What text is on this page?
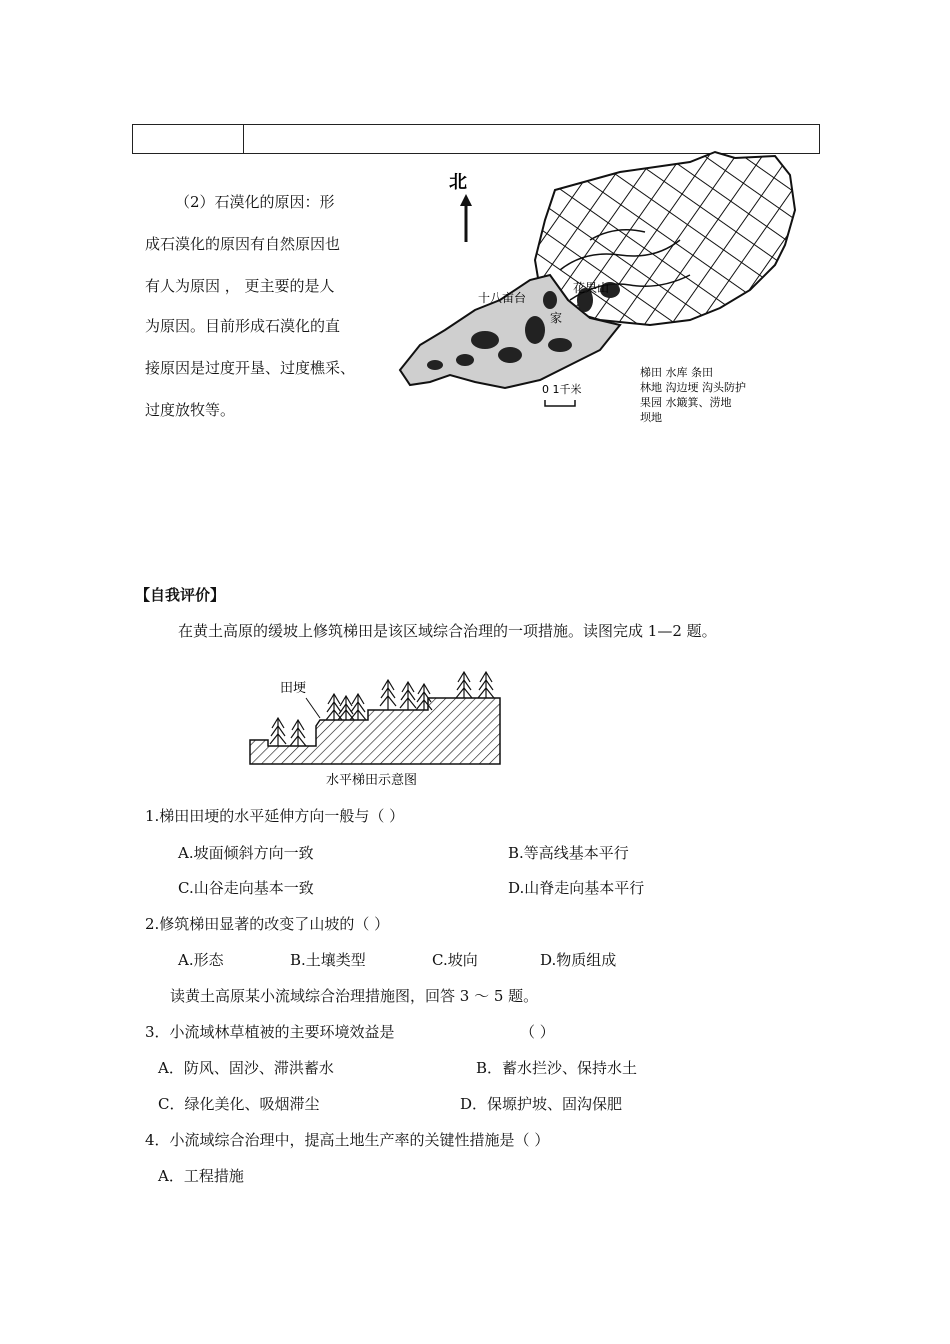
（2）石漠化的原因：形
成石漠化的原因有自然原因也
有人为原因 ， 更主要的是人
为原因。目前形成石漠化的直
接原因是过度开垦、过度樵采、
过度放牧等。
北
十八亩台
花果山
家
0 1千米
梯田 水库 条田
林地 沟边埂 沟头防护
果园 水簸箕、涝地
坝地
【自我评价】
在黄土高原的缓坡上修筑梯田是该区域综合治理的一项措施。读图完成 1—2 题。
田埂
水平梯田示意图
1.梯田田埂的水平延伸方向一般与（ ）
A.坡面倾斜方向一致	B.等高线基本平行
C.山谷走向基本一致	D.山脊走向基本平行
2.修筑梯田显著的改变了山坡的（ ）
A.形态	B.土壤类型	C.坡向	D.物质组成
读黄土高原某小流域综合治理措施图，回答 3 ～ 5 题。
3．小流域林草植被的主要环境效益是	（ ）
A．防风、固沙、滞洪蓄水	B．蓄水拦沙、保持水土
C．绿化美化、吸烟滞尘	D．保塬护坡、固沟保肥
4．小流域综合治理中，提高土地生产率的关键性措施是（ ）
A．工程措施
